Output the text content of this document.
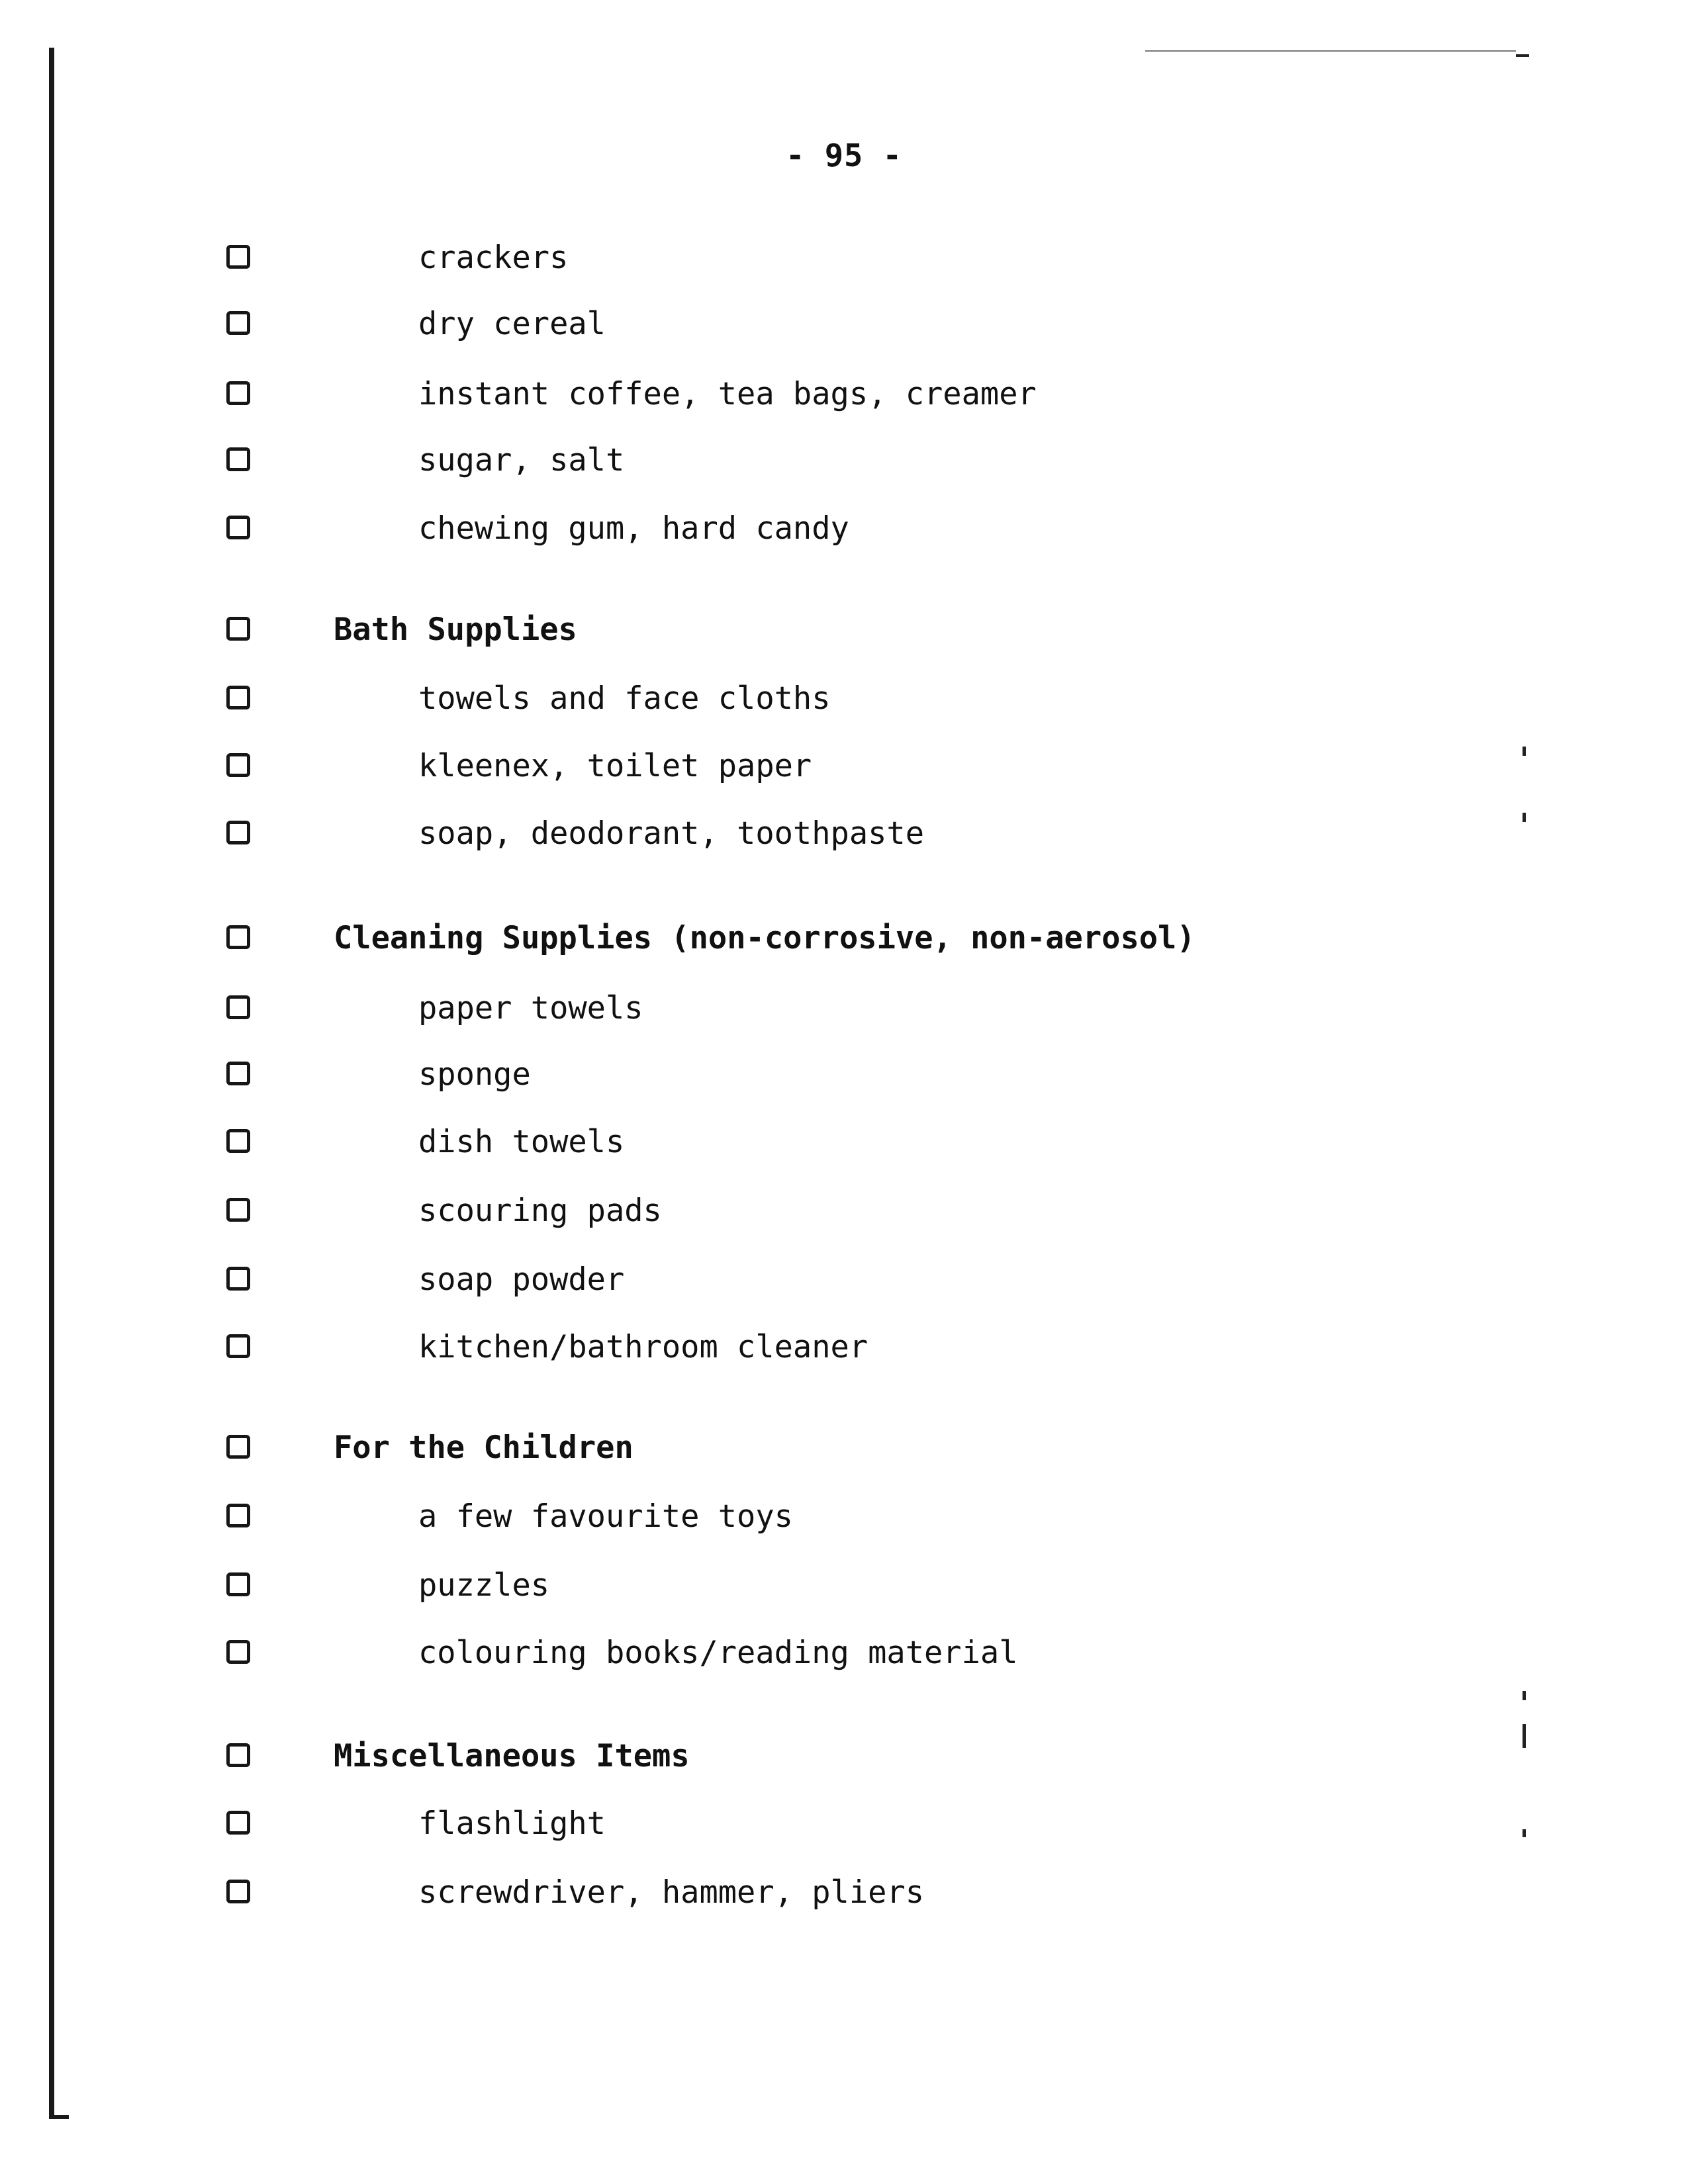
- 95 -
crackers
dry cereal
instant coffee, tea bags, creamer
sugar, salt
chewing gum, hard candy
Bath Supplies
towels and face cloths
kleenex, toilet paper
soap, deodorant, toothpaste
Cleaning Supplies (non-corrosive, non-aerosol)
paper towels
sponge
dish towels
scouring pads
soap powder
kitchen/bathroom cleaner
For the Children
a few favourite toys
puzzles
colouring books/reading material
Miscellaneous Items
flashlight
screwdriver, hammer, pliers
